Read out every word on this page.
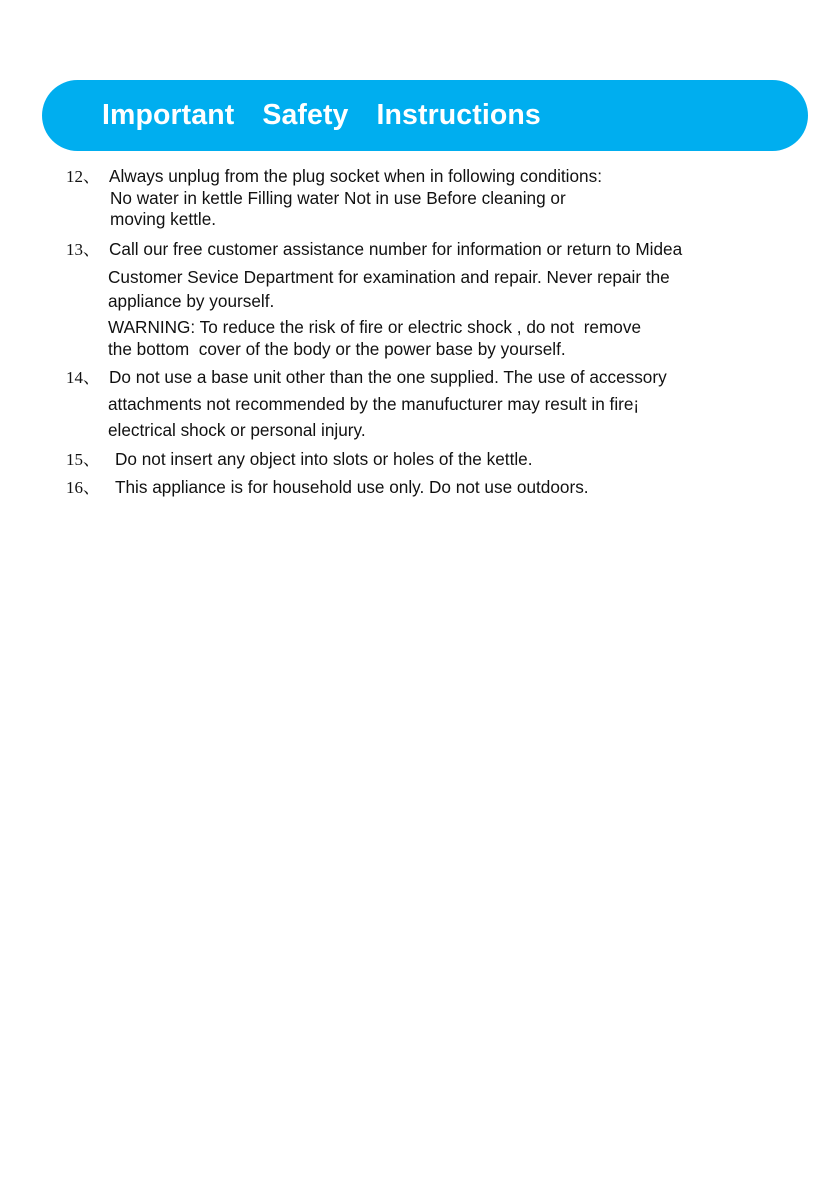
Important  Safety  Instructions
12、 Always unplug from the plug socket when in following conditions:
No water in kettle Filling water Not in use Before cleaning or
moving kettle.
13、 Call our free customer assistance number for information or return to Midea
Customer Sevice Department for examination and repair. Never repair the
appliance by yourself.
WARNING: To reduce the risk of fire or electric shock , do not  remove
the bottom  cover of the body or the power base by yourself.
14、 Do not use a base unit other than the one supplied. The use of accessory
attachments not recommended by the manufucturer may result in fire¡
electrical shock or personal injury.
15、 Do not insert any object into slots or holes of the kettle.
16、 This appliance is for household use only. Do not use outdoors.
